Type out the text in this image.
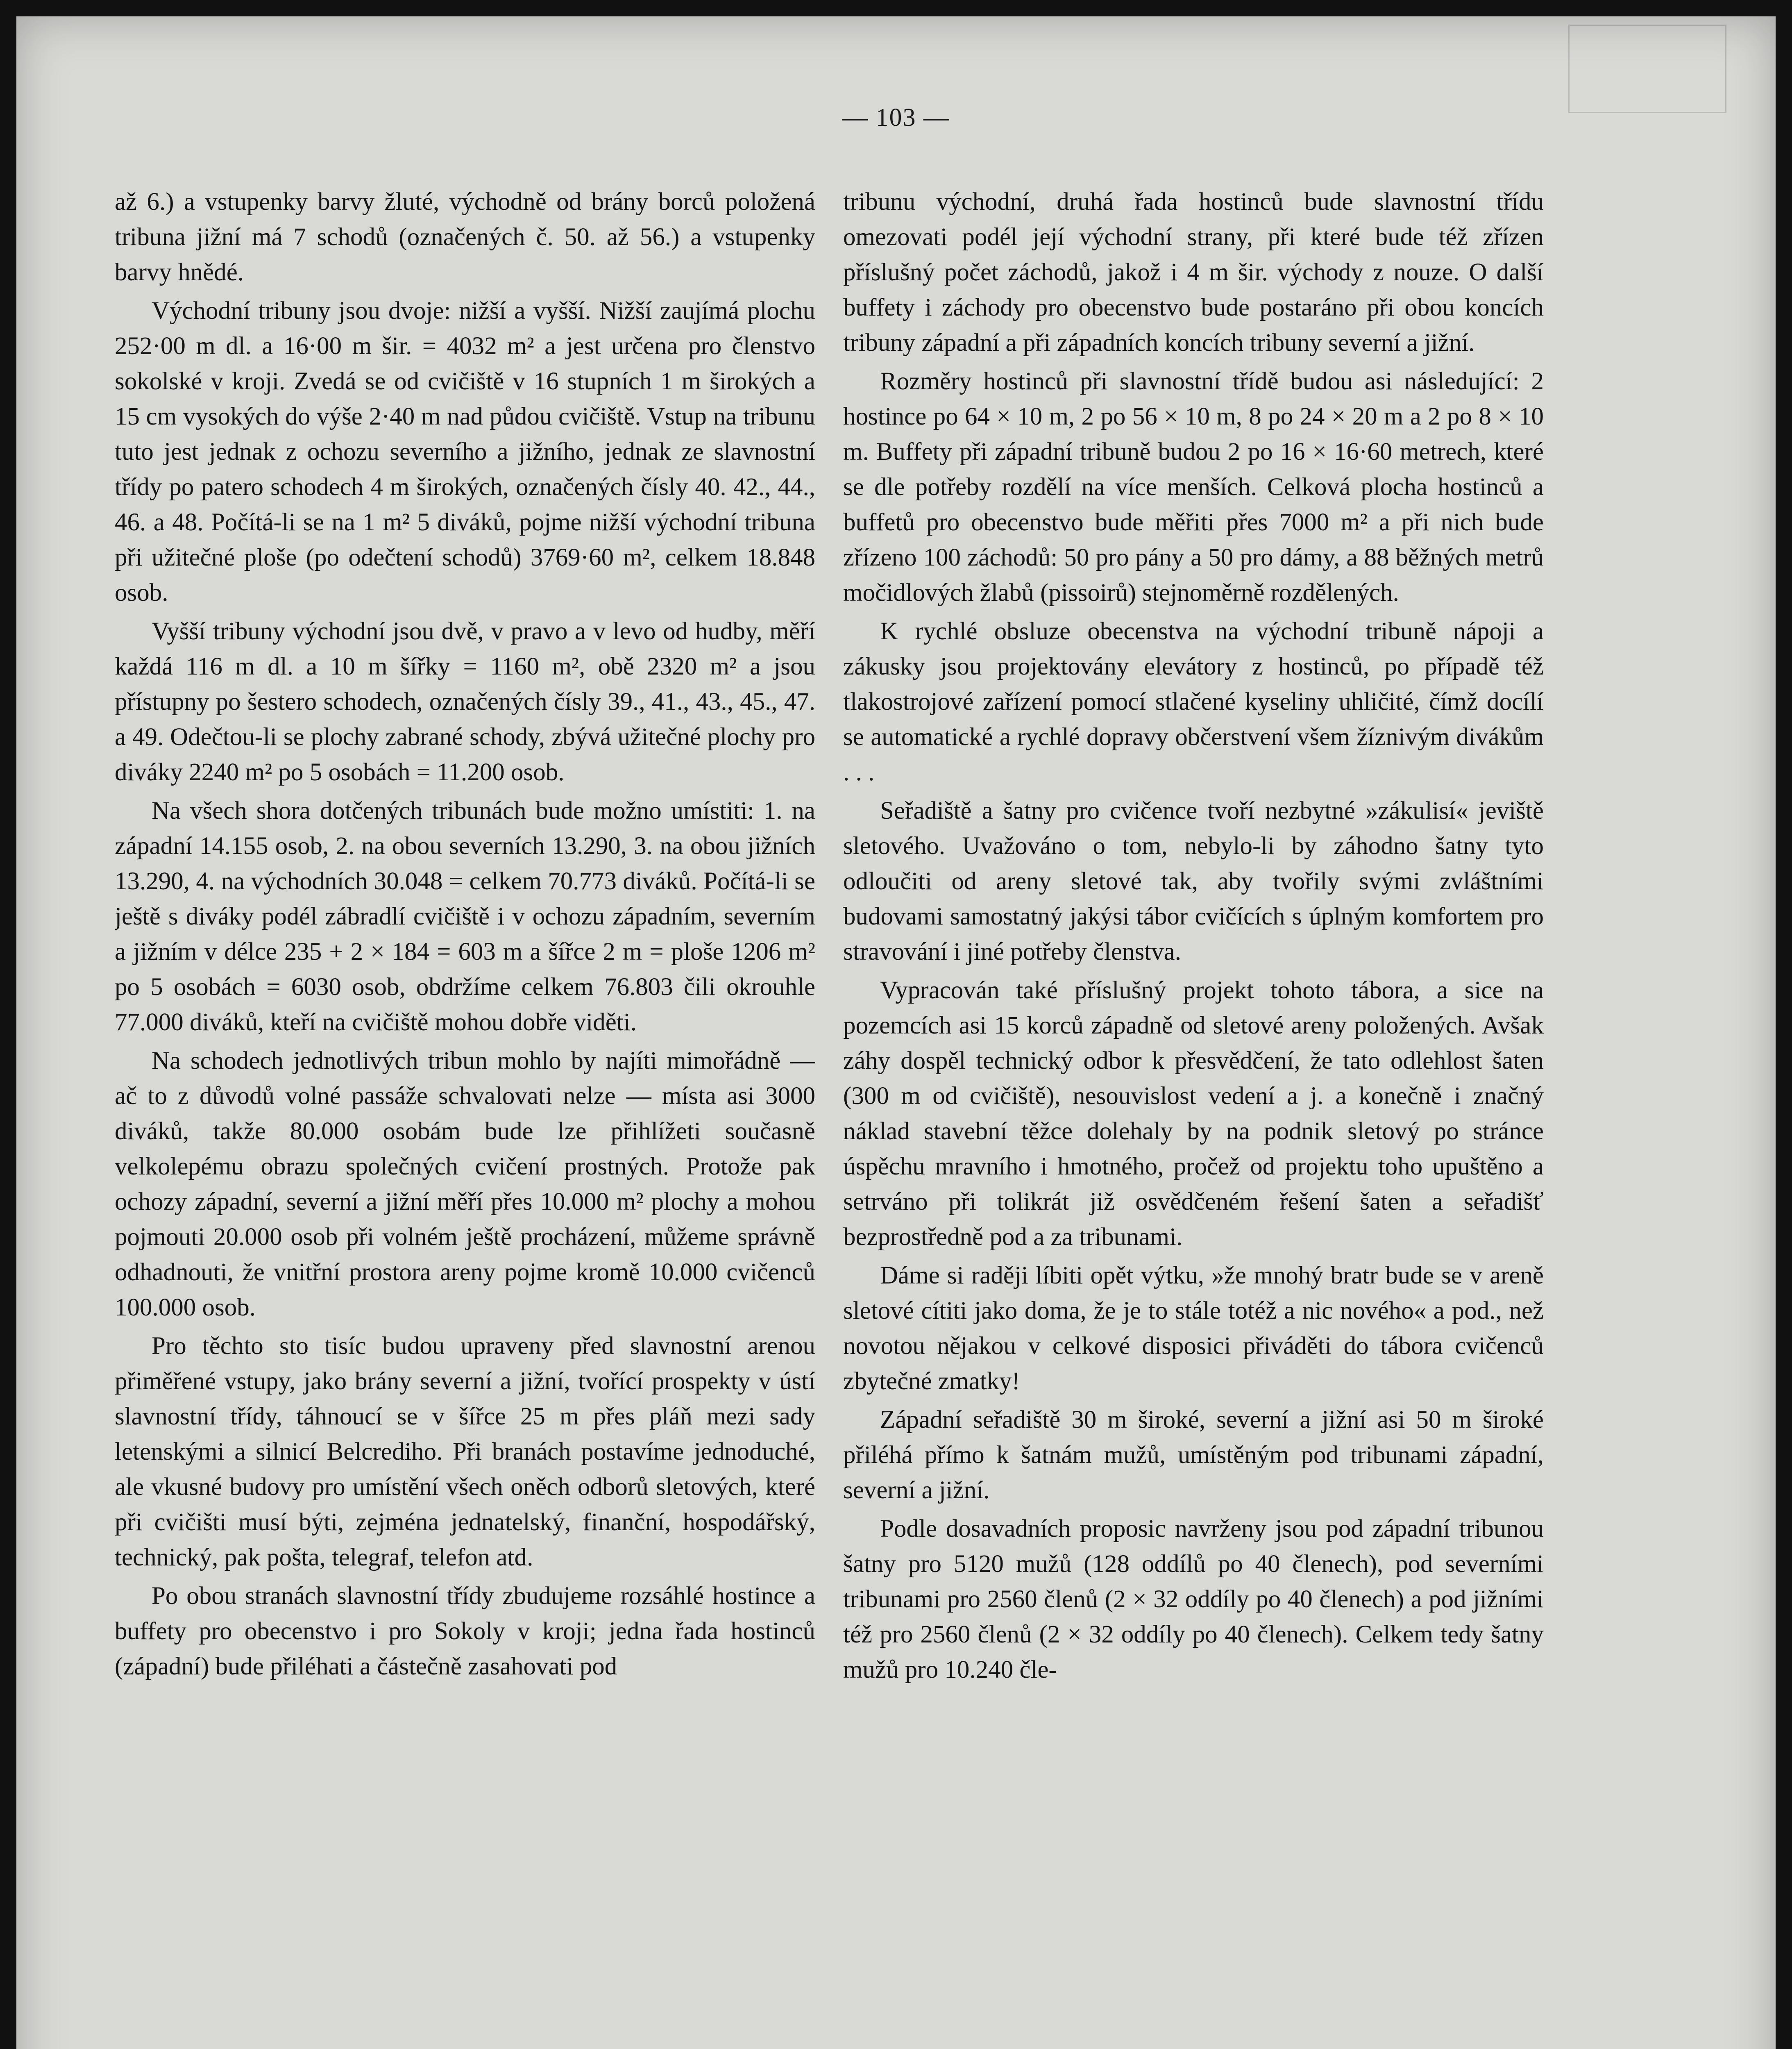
— 103 —

až 6.) a vstupenky barvy žluté, východně od brány borců položená tribuna jižní má 7 schodů (označených č. 50. až 56.) a vstupenky barvy hnědé.

Východní tribuny jsou dvoje: nižší a vyšší. Nižší zaujímá plochu 252·00 m dl. a 16·00 m šir. = 4032 m² a jest určena pro členstvo sokolské v kroji. Zvedá se od cvičiště v 16 stupních 1 m širokých a 15 cm vysokých do výše 2·40 m nad půdou cvičiště. Vstup na tribunu tuto jest jednak z ochozu severního a jižního, jednak ze slavnostní třídy po patero schodech 4 m širokých, označených čísly 40. 42., 44., 46. a 48. Počítá-li se na 1 m² 5 diváků, pojme nižší východní tribuna při užitečné ploše (po odečtení schodů) 3769·60 m², celkem 18.848 osob.

Vyšší tribuny východní jsou dvě, v pravo a v levo od hudby, měří každá 116 m dl. a 10 m šířky = 1160 m², obě 2320 m² a jsou přístupny po šestero schodech, označených čísly 39., 41., 43., 45., 47. a 49. Odečtou-li se plochy zabrané schody, zbývá užitečné plochy pro diváky 2240 m² po 5 osobách = 11.200 osob.

Na všech shora dotčených tribunách bude možno umístiti: 1. na západní 14.155 osob, 2. na obou severních 13.290, 3. na obou jižních 13.290, 4. na východních 30.048 = celkem 70.773 diváků. Počítá-li se ještě s diváky podél zábradlí cvičiště i v ochozu západním, severním a jižním v délce 235 + 2 × 184 = 603 m a šířce 2 m = ploše 1206 m² po 5 osobách = 6030 osob, obdržíme celkem 76.803 čili okrouhle 77.000 diváků, kteří na cvičiště mohou dobře viděti.

Na schodech jednotlivých tribun mohlo by najíti mimořádně — ač to z důvodů volné passáže schvalovati nelze — místa asi 3000 diváků, takže 80.000 osobám bude lze přihlížeti současně velkolepému obrazu společných cvičení prostných. Protože pak ochozy západní, severní a jižní měří přes 10.000 m² plochy a mohou pojmouti 20.000 osob při volném ještě procházení, můžeme správně odhadnouti, že vnitřní prostora areny pojme kromě 10.000 cvičenců 100.000 osob.

Pro těchto sto tisíc budou upraveny před slavnostní arenou přiměřené vstupy, jako brány severní a jižní, tvořící prospekty v ústí slavnostní třídy, táhnoucí se v šířce 25 m přes pláň mezi sady letenskými a silnicí Belcrediho. Při branách postavíme jednoduché, ale vkusné budovy pro umístění všech oněch odborů sletových, které při cvičišti musí býti, zejména jednatelský, finanční, hospodářský, technický, pak pošta, telegraf, telefon atd.

Po obou stranách slavnostní třídy zbudujeme rozsáhlé hostince a buffety pro obecenstvo i pro Sokoly v kroji; jedna řada hostinců (západní) bude přiléhati a částečně zasahovati pod

tribunu východní, druhá řada hostinců bude slavnostní třídu omezovati podél její východní strany, při které bude též zřízen příslušný počet záchodů, jakož i 4 m šir. východy z nouze. O další buffety i záchody pro obecenstvo bude postaráno při obou koncích tribuny západní a při západních koncích tribuny severní a jižní.

Rozměry hostinců při slavnostní třídě budou asi následující: 2 hostince po 64 × 10 m, 2 po 56 × 10 m, 8 po 24 × 20 m a 2 po 8 × 10 m. Buffety při západní tribuně budou 2 po 16 × 16·60 metrech, které se dle potřeby rozdělí na více menších. Celková plocha hostinců a buffetů pro obecenstvo bude měřiti přes 7000 m² a při nich bude zřízeno 100 záchodů: 50 pro pány a 50 pro dámy, a 88 běžných metrů močidlových žlabů (pissoirů) stejnoměrně rozdělených.

K rychlé obsluze obecenstva na východní tribuně nápoji a zákusky jsou projektovány elevátory z hostinců, po případě též tlakostrojové zařízení pomocí stlačené kyseliny uhličité, čímž docílí se automatické a rychlé dopravy občerstvení všem žíznivým divákům . . .

Seřadiště a šatny pro cvičence tvoří nezbytné »zákulisí« jeviště sletového. Uvažováno o tom, nebylo-li by záhodno šatny tyto odloučiti od areny sletové tak, aby tvořily svými zvláštními budovami samostatný jakýsi tábor cvičících s úplným komfortem pro stravování i jiné potřeby členstva.

Vypracován také příslušný projekt tohoto tábora, a sice na pozemcích asi 15 korců západně od sletové areny položených. Avšak záhy dospěl technický odbor k přesvědčení, že tato odlehlost šaten (300 m od cvičiště), nesouvislost vedení a j. a konečně i značný náklad stavební těžce dolehaly by na podnik sletový po stránce úspěchu mravního i hmotného, pročež od projektu toho upuštěno a setrváno při tolikrát již osvědčeném řešení šaten a seřadišť bezprostředně pod a za tribunami.

Dáme si raději líbiti opět výtku, »že mnohý bratr bude se v areně sletové cítiti jako doma, že je to stále totéž a nic nového« a pod., než novotou nějakou v celkové disposici přiváděti do tábora cvičenců zbytečné zmatky!

Západní seřadiště 30 m široké, severní a jižní asi 50 m široké přiléhá přímo k šatnám mužů, umístěným pod tribunami západní, severní a jižní.

Podle dosavadních proposic navrženy jsou pod západní tribunou šatny pro 5120 mužů (128 oddílů po 40 členech), pod severními tribunami pro 2560 členů (2 × 32 oddíly po 40 členech) a pod jižními též pro 2560 členů (2 × 32 oddíly po 40 členech). Celkem tedy šatny mužů pro 10.240 čle-
